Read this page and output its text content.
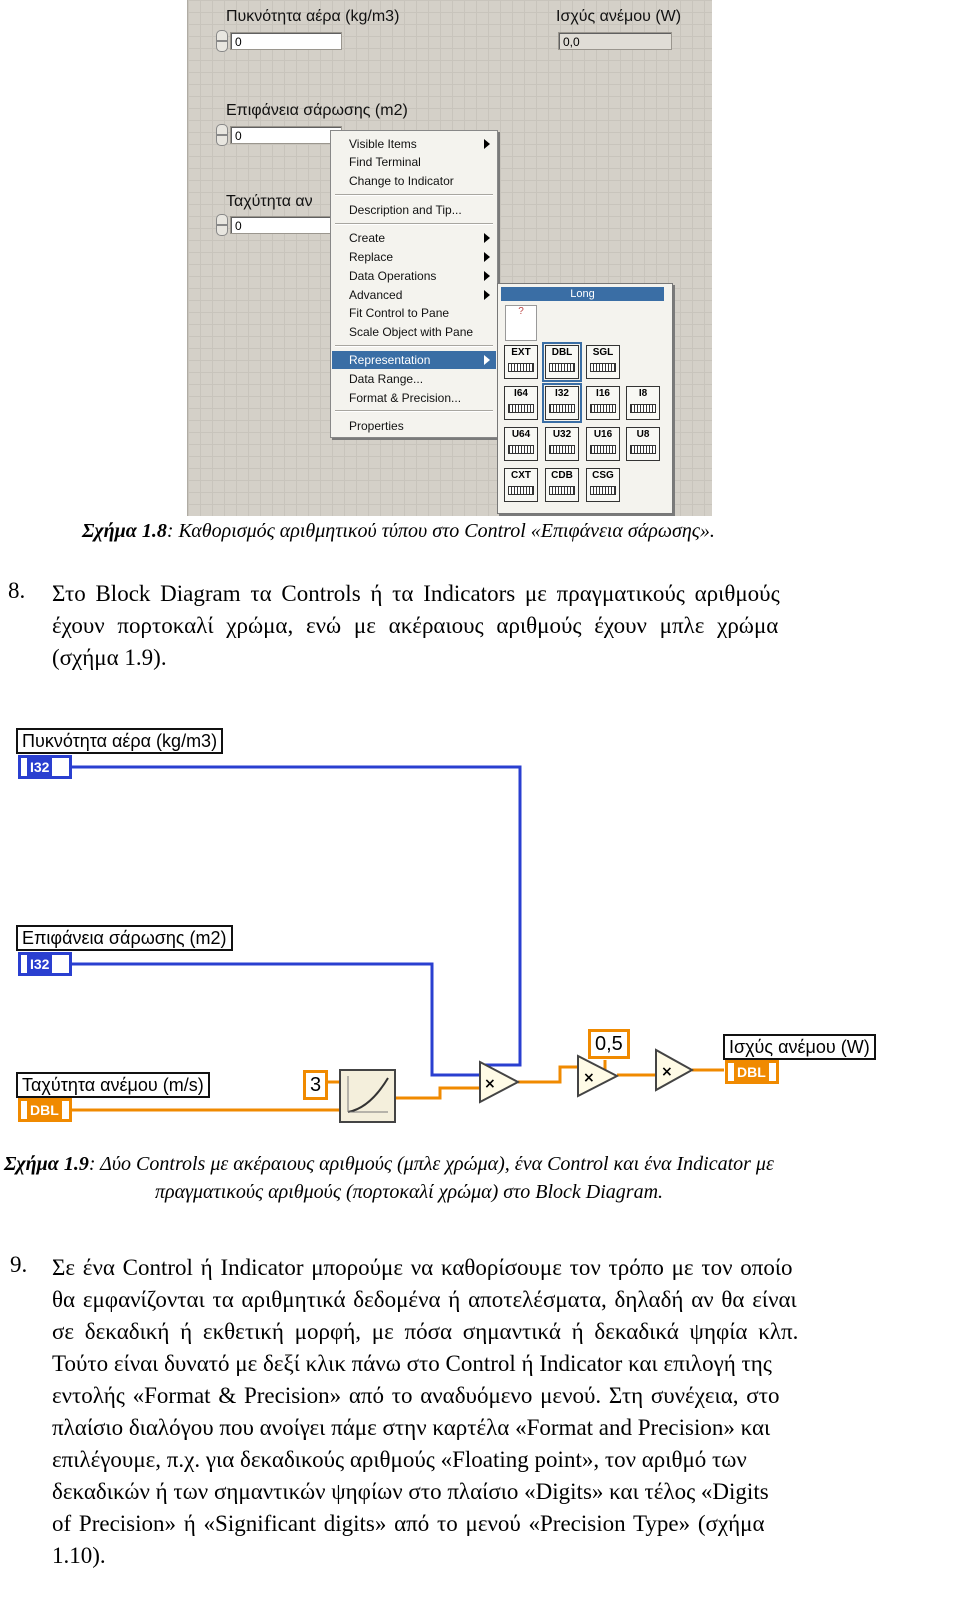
Πυκνότητα αέρα (kg/m3)
0
Ισχύς ανέμου (W)
0,0
Επιφάνεια σάρωσης (m2)
0
Ταχύτητα αν
0
Visible Items
Find Terminal
Change to Indicator
Description and Tip...
Create
Replace
Data Operations
Advanced
Fit Control to Pane
Scale Object with Pane
Representation
Data Range...
Format & Precision...
Properties
Long
?
EXT	DBL	SGL
I64	I32	I16	I8
U64	U32	U16	U8
CXT	CDB	CSG
Σχήμα 1.8: Καθορισμός αριθμητικού τύπου στο Control «Επιφάνεια σάρωσης».
8. Στο Block Diagram τα Controls ή τα Indicators με πραγματικούς αριθμούς
έχουν πορτοκαλί χρώμα, ενώ με ακέραιους αριθμούς έχουν μπλε χρώμα
(σχήμα 1.9).
×	×	×
Πυκνότητα αέρα (kg/m3)
I32
Επιφάνεια σάρωσης (m2)
I32
Ταχύτητα ανέμου (m/s)
DBL
3
0,5	Ισχύς ανέμου (W)
DBL
Σχήμα 1.9: Δύο Controls με ακέραιους αριθμούς (μπλε χρώμα), ένα Control και ένα Indicator με
πραγματικούς αριθμούς (πορτοκαλί χρώμα) στο Block Diagram.
9. Σε ένα Control ή Indicator μπορούμε να καθορίσουμε τον τρόπο με τον οποίο
θα εμφανίζονται τα αριθμητικά δεδομένα ή αποτελέσματα, δηλαδή αν θα είναι
σε δεκαδική ή εκθετική μορφή, με πόσα σημαντικά ή δεκαδικά ψηφία κλπ.
Τούτο είναι δυνατό με δεξί κλικ πάνω στο Control ή Indicator και επιλογή της
εντολής «Format & Precision» από το αναδυόμενο μενού. Στη συνέχεια, στο
πλαίσιο διαλόγου που ανοίγει πάμε στην καρτέλα «Format and Precision» και
επιλέγουμε, π.χ. για δεκαδικούς αριθμούς «Floating point», τον αριθμό των
δεκαδικών ή των σημαντικών ψηφίων στο πλαίσιο «Digits» και τέλος «Digits
of Precision» ή «Significant digits» από το μενού «Precision Type» (σχήμα
1.10).
